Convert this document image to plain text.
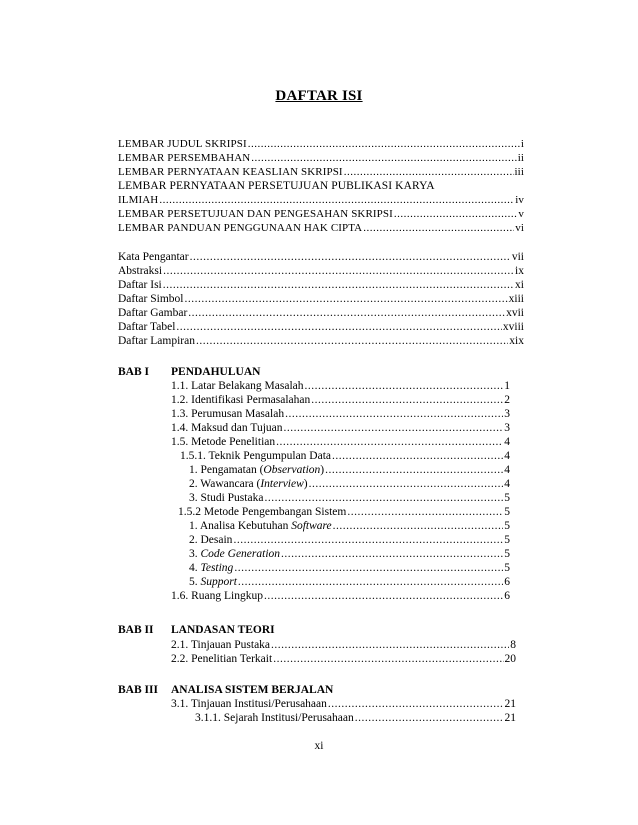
DAFTAR ISI
LEMBAR JUDUL SKRIPSI .....	i
LEMBAR PERSEMBAHAN .....	ii
LEMBAR PERNYATAAN KEASLIAN SKRIPSI .....	iii
LEMBAR PERNYATAAN PERSETUJUAN PUBLIKASI KARYA
ILMIAH .....	iv
LEMBAR PERSETUJUAN DAN PENGESAHAN SKRIPSI .....	v
LEMBAR PANDUAN PENGGUNAAN HAK CIPTA .....	vi
Kata Pengantar .....	vii
Abstraksi .....	ix
Daftar Isi .....	xi
Daftar Simbol .....	xiii
Daftar Gambar .....	xvii
Daftar Tabel .....	xviii
Daftar Lampiran .....	xix
BAB I PENDAHULUAN
1.1. Latar Belakang Masalah .....	1
1.2. Identifikasi Permasalahan .....	2
1.3. Perumusan Masalah .....	3
1.4. Maksud dan Tujuan .....	3
1.5. Metode Penelitian .....	4
1.5.1. Teknik Pengumpulan Data .....	4
1. Pengamatan (Observation) .....	4
2. Wawancara (Interview) .....	4
3. Studi Pustaka .....	5
1.5.2 Metode Pengembangan Sistem .....	5
1. Analisa Kebutuhan Software .....	5
2. Desain .....	5
3. Code Generation .....	5
4. Testing .....	5
5. Support .....	6
1.6. Ruang Lingkup .....	6
BAB II LANDASAN TEORI
2.1. Tinjauan Pustaka .....	8
2.2. Penelitian Terkait .....	20
BAB III ANALISA SISTEM BERJALAN
3.1. Tinjauan Institusi/Perusahaan .....	21
3.1.1. Sejarah Institusi/Perusahaan .....	21
xi
